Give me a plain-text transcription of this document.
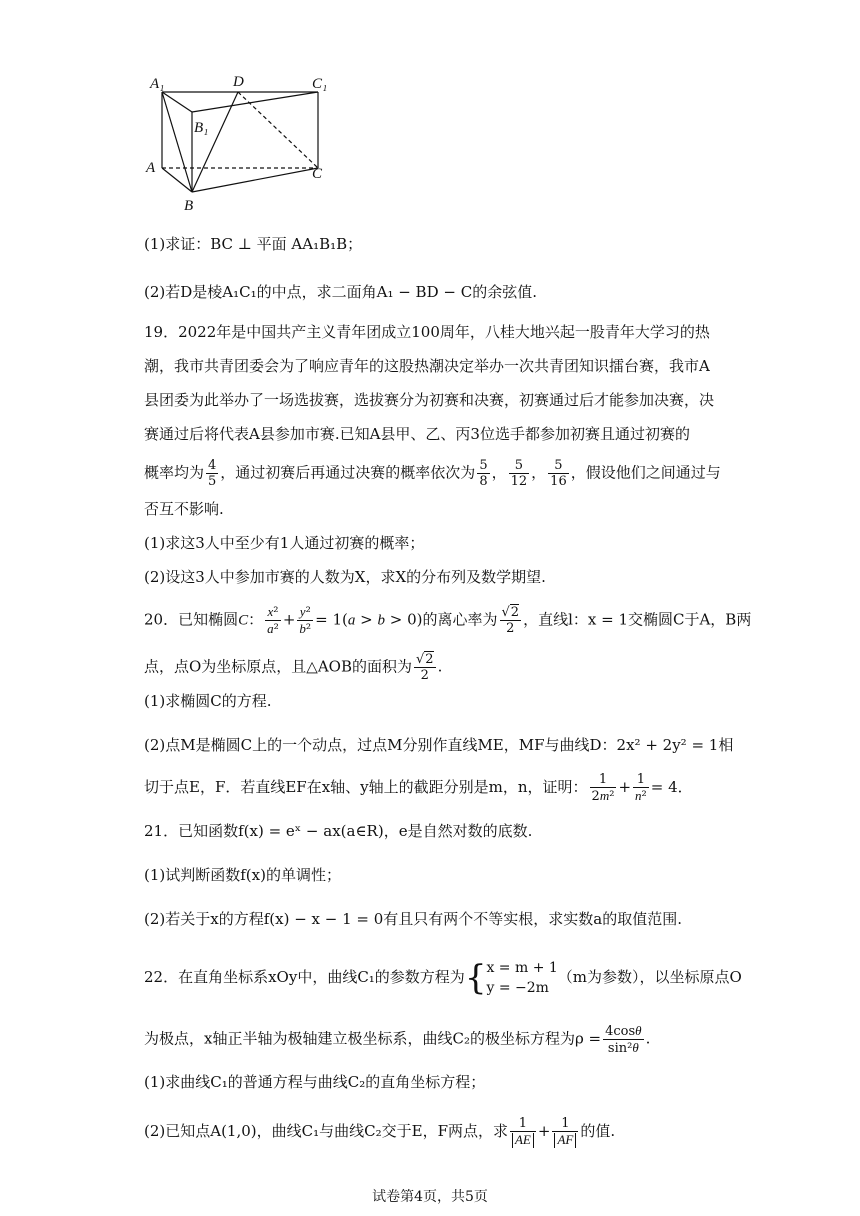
A₁	D	C₁
B₁
A	C
B
(1)求证：BC ⊥ 平面 AA₁B₁B；
(2)若D是棱A₁C₁的中点，求二面角A₁ − BD − C的余弦值.
19．2022年是中国共产主义青年团成立100周年，八桂大地兴起一股青年大学习的热
潮，我市共青团委会为了响应青年的这股热潮决定举办一次共青团知识擂台赛，我市A
县团委为此举办了一场选拔赛，选拔赛分为初赛和决赛，初赛通过后才能参加决赛，决
赛通过后将代表A县参加市赛.已知A县甲、乙、丙3位选手都参加初赛且通过初赛的
概率均为 $\frac{4}{5}$ ，通过初赛后再通过决赛的概率依次为 $\frac{5}{8}$ ， $\frac{5}{12}$ ， $\frac{5}{16}$ ，假设他们之间通过与
否互不影响.
(1)求这3人中至少有1人通过初赛的概率；
(2)设这3人中参加市赛的人数为X，求X的分布列及数学期望.
20．已知椭圆C： $\frac{\text{x²}}{\text{a²}} + \frac{\text{y²}}{\text{b²}} = 1(a > b > 0)$的离心率为 $\frac{√2}{2}$ ，直线l：x = 1交椭圆C于A，B两
点，点O为坐标原点，且△AOB的面积为 $\frac{√2}{2}$ .
(1)求椭圆C的方程.
(2)点M是椭圆C上的一个动点，过点M分别作直线ME，MF与曲线D：2x² + 2y² = 1相
切于点E，F．若直线EF在x轴、y轴上的截距分别是m，n，证明： $\frac{1}{\text{2m²}} + \frac{1}{\text{n²}} = 4$．
21．已知函数f(x) = eˣ − ax(a∈R)，e是自然对数的底数.
(1)试判断函数f(x)的单调性；
(2)若关于x的方程f(x) − x − 1 = 0有且只有两个不等实根，求实数a的取值范围.
22．在直角坐标系xOy中，曲线C₁的参数方程为{ x = m + 1
y = −2m
（m为参数），以坐标原点O
为极点，x轴正半轴为极轴建立极坐标系，曲线C₂的极坐标方程为$\rho = \frac{4\cos\theta}{\text{sin²θ}}$ .
(1)求曲线C₁的普通方程与曲线C₂的直角坐标方程；
(2)已知点A(1,0)，曲线C₁与曲线C₂交于E，F两点，求 $\frac{1}{AE} + \frac{1}{AF}$ 的值.
试卷第4页，共5页
